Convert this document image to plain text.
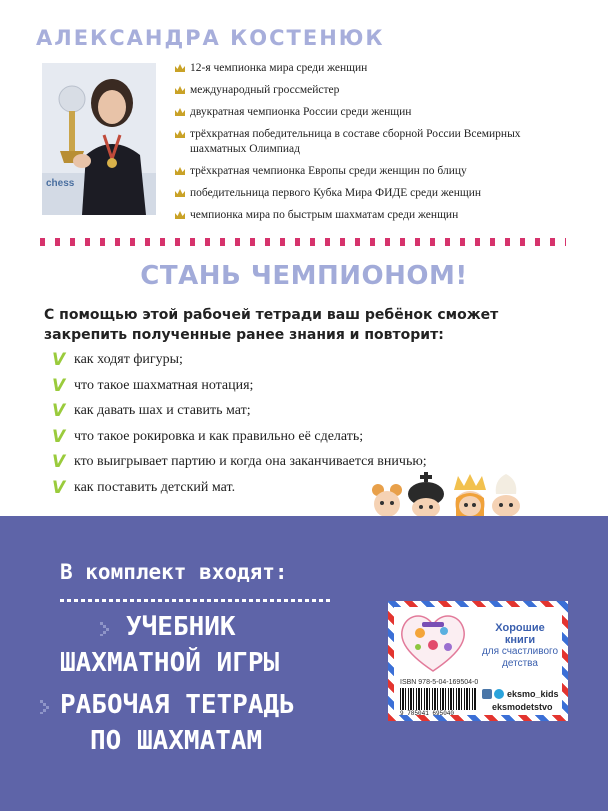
АЛЕКСАНДРА КОСТЕНЮК
chess
12-я чемпионка мира среди женщин
международный гроссмейстер
двукратная чемпионка России среди женщин
трёхкратная победительница в составе сборной России Всемирных шахматных Олимпиад
трёхкратная чемпионка Европы среди женщин по блицу
победительница первого Кубка Мира ФИДЕ среди женщин
чемпионка мира по быстрым шахматам среди женщин
СТАНЬ ЧЕМПИОНОМ!

С помощью этой рабочей тетради ваш ребёнок сможет закрепить полученные ранее знания и повторит:

V как ходят фигуры;
V что такое шахматная нотация;
V как давать шах и ставить мат;
V что такое рокировка и как правильно её сделать;
V кто выигрывает партию и когда она заканчивается вничью;
V как поставить детский мат.
В комплект входят:
УЧЕБНИК
ШАХМАТНОЙ ИГРЫ
РАБОЧАЯ ТЕТРАДЬ
ПО ШАХМАТАМ

Хорошие
книги
для счастливого
детства

ISBN 978-5-04-169504-0
9 785041 695040
eksmo_kids
eksmodetstvo
